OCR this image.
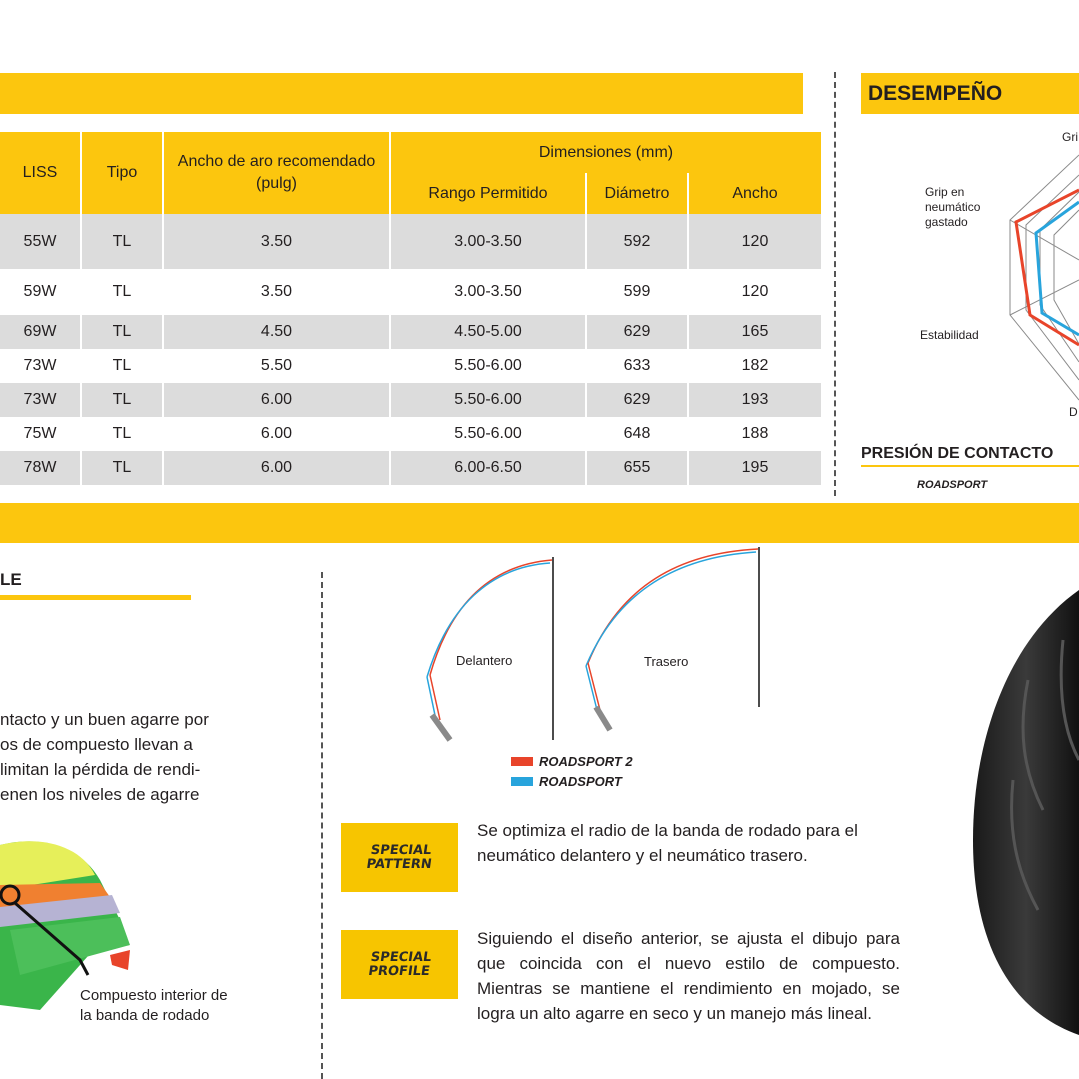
DESEMPEÑO
LISS	Tipo	Ancho de aro recomendado (pulg)	Dimensiones (mm)		
			Rango Permitido	Diámetro	Ancho
55W	TL	3.50	3.00-3.50	592	120
59W	TL	3.50	3.00-3.50	599	120
69W	TL	4.50	4.50-5.00	629	165
73W	TL	5.50	5.50-6.00	633	182
73W	TL	6.00	5.50-6.00	629	193
75W	TL	6.00	5.50-6.00	648	188
78W	TL	6.00	6.00-6.50	655	195
Gri
Grip en neumático gastado
Estabilidad
D
PRESIÓN DE CONTACTO
ROADSPORT
LE
ntacto y un buen agarre por
os de compuesto llevan a
limitan la pérdida de rendi-
enen los niveles de agarre
Compuesto interior de la banda de rodado
Delantero	Trasero
ROADSPORT 2
ROADSPORT
SPECIAL PATTERN
Se optimiza el radio de la banda de rodado para el neumático delantero y el neumático trasero.
SPECIAL PROFILE
Siguiendo el diseño anterior, se ajusta el dibujo para que coincida con el nuevo estilo de compuesto. Mientras se mantiene el rendimiento en mojado, se logra un alto agarre en seco y un manejo más lineal.
